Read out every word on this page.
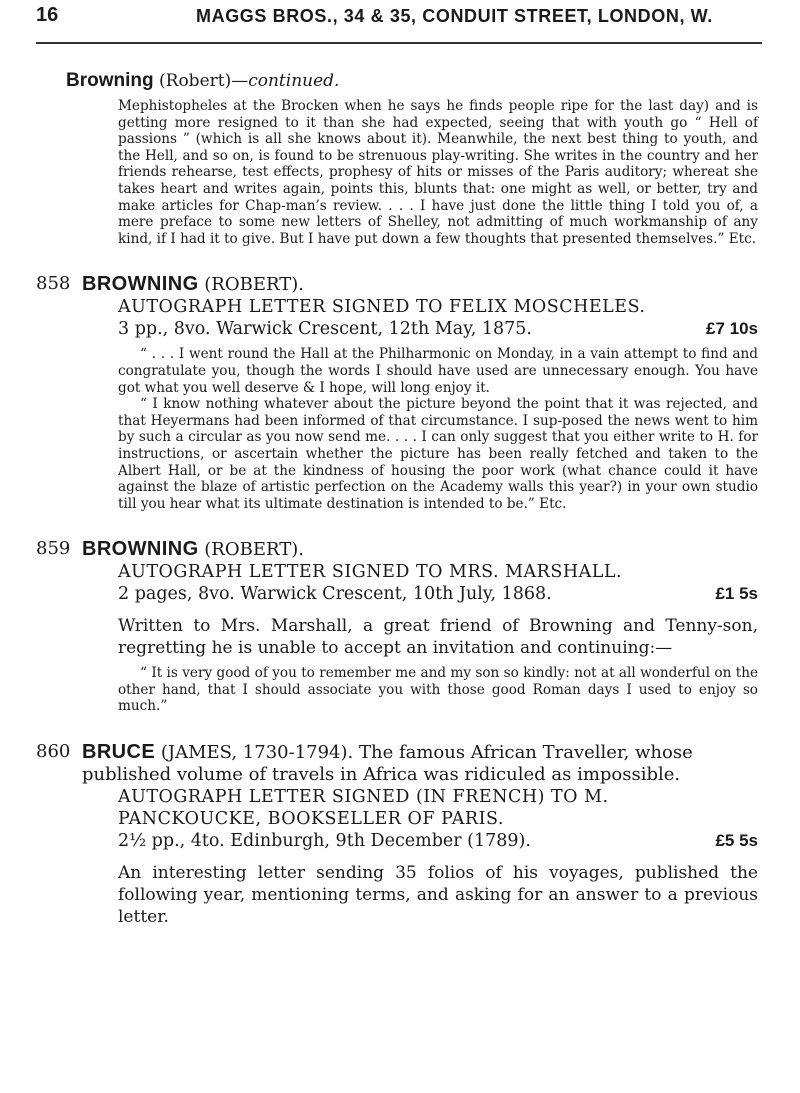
16	MAGGS BROS., 34 & 35, CONDUIT STREET, LONDON, W.
Browning (Robert)—continued.
Mephistopheles at the Brocken when he says he finds people ripe for the last day) and is getting more resigned to it than she had expected, seeing that with youth go “ Hell of passions ” (which is all she knows about it). Meanwhile, the next best thing to youth, and the Hell, and so on, is found to be strenuous play-writing. She writes in the country and her friends rehearse, test effects, prophesy of hits or misses of the Paris auditory; whereat she takes heart and writes again, points this, blunts that: one might as well, or better, try and make articles for Chap-man’s review. . . . I have just done the little thing I told you of, a mere preface to some new letters of Shelley, not admitting of much workmanship of any kind, if I had it to give. But I have put down a few thoughts that presented themselves.” Etc.
858 BROWNING (ROBERT).
AUTOGRAPH LETTER SIGNED TO FELIX MOSCHELES.
3 pp., 8vo. Warwick Crescent, 12th May, 1875.	£7 10s

“ . . . I went round the Hall at the Philharmonic on Monday, in a vain attempt to find and congratulate you, though the words I should have used are unnecessary enough. You have got what you well deserve & I hope, will long enjoy it.

“ I know nothing whatever about the picture beyond the point that it was rejected, and that Heyermans had been informed of that circumstance. I sup-posed the news went to him by such a circular as you now send me. . . . I can only suggest that you either write to H. for instructions, or ascertain whether the picture has been really fetched and taken to the Albert Hall, or be at the kindness of housing the poor work (what chance could it have against the blaze of artistic perfection on the Academy walls this year?) in your own studio till you hear what its ultimate destination is intended to be.” Etc.

859 BROWNING (ROBERT).
AUTOGRAPH LETTER SIGNED TO MRS. MARSHALL.
2 pages, 8vo. Warwick Crescent, 10th July, 1868.	£1 5s
Written to Mrs. Marshall, a great friend of Browning and Tenny-son, regretting he is unable to accept an invitation and continuing:—

“ It is very good of you to remember me and my son so kindly: not at all wonderful on the other hand, that I should associate you with those good Roman days I used to enjoy so much.”

860 BRUCE (JAMES, 1730-1794). The famous African Traveller, whose published volume of travels in Africa was ridiculed as impossible.
AUTOGRAPH LETTER SIGNED (IN FRENCH) TO M. PANCKOUCKE, BOOKSELLER OF PARIS.
2½ pp., 4to. Edinburgh, 9th December (1789).	£5 5s
An interesting letter sending 35 folios of his voyages, published the following year, mentioning terms, and asking for an answer to a previous letter.
